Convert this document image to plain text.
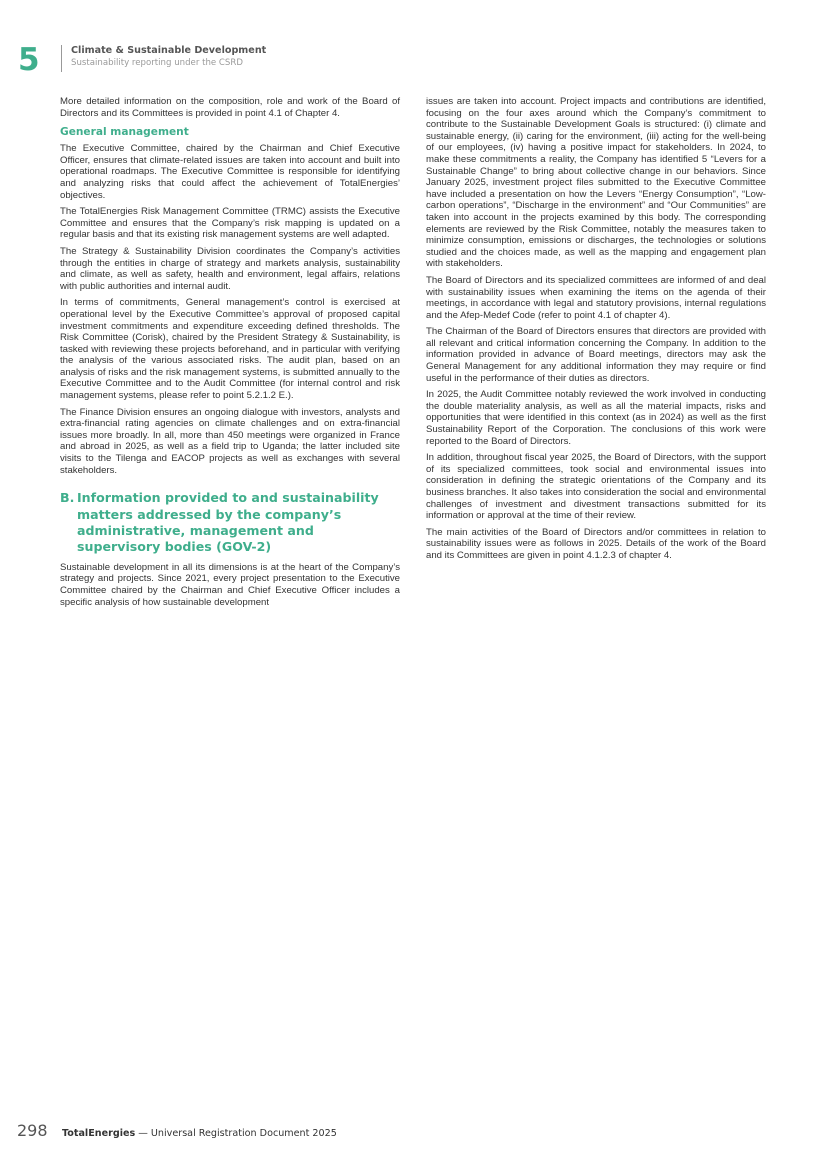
5	Climate & Sustainable Development
Sustainability reporting under the CSRD

More detailed information on the composition, role and work of the Board of Directors and its Committees is provided in point 4.1 of Chapter 4.

General management

The Executive Committee, chaired by the Chairman and Chief Executive Officer, ensures that climate-related issues are taken into account and built into operational roadmaps. The Executive Committee is responsible for identifying and analyzing risks that could affect the achievement of TotalEnergies’ objectives.

The TotalEnergies Risk Management Committee (TRMC) assists the Executive Committee and ensures that the Company’s risk mapping is updated on a regular basis and that its existing risk management systems are well adapted.

The Strategy & Sustainability Division coordinates the Company’s activities through the entities in charge of strategy and markets analysis, sustainability and climate, as well as safety, health and environment, legal affairs, relations with public authorities and internal audit.

In terms of commitments, General management’s control is exercised at operational level by the Executive Committee’s approval of proposed capital investment commitments and expenditure exceeding defined thresholds. The Risk Committee (Corisk), chaired by the President Strategy & Sustainability, is tasked with reviewing these projects beforehand, and in particular with verifying the analysis of the various associated risks. The audit plan, based on an analysis of risks and the risk management systems, is submitted annually to the Executive Committee and to the Audit Committee (for internal control and risk management systems, please refer to point 5.2.1.2 E.).

The Finance Division ensures an ongoing dialogue with investors, analysts and extra-financial rating agencies on climate challenges and on extra-financial issues more broadly. In all, more than 450 meetings were organized in France and abroad in 2025, as well as a field trip to Uganda; the latter included site visits to the Tilenga and EACOP projects as well as exchanges with several stakeholders.

B. Information provided to and sustainability matters addressed by the company’s administrative, management and supervisory bodies (GOV-2)

Sustainable development in all its dimensions is at the heart of the Company’s strategy and projects. Since 2021, every project presentation to the Executive Committee chaired by the Chairman and Chief Executive Officer includes a specific analysis of how sustainable development

issues are taken into account. Project impacts and contributions are identified, focusing on the four axes around which the Company’s commitment to contribute to the Sustainable Development Goals is structured: (i) climate and sustainable energy, (ii) caring for the environment, (iii) acting for the well-being of our employees, (iv) having a positive impact for stakeholders. In 2024, to make these commitments a reality, the Company has identified 5 “Levers for a Sustainable Change” to bring about collective change in our behaviors. Since January 2025, investment project files submitted to the Executive Committee have included a presentation on how the Levers “Energy Consumption”, “Low-carbon operations”, “Discharge in the environment” and “Our Communities” are taken into account in the projects examined by this body. The corresponding elements are reviewed by the Risk Committee, notably the measures taken to minimize consumption, emissions or discharges, the technologies or solutions studied and the choices made, as well as the mapping and engagement plan with stakeholders.

The Board of Directors and its specialized committees are informed of and deal with sustainability issues when examining the items on the agenda of their meetings, in accordance with legal and statutory provisions, internal regulations and the Afep-Medef Code (refer to point 4.1 of chapter 4).

The Chairman of the Board of Directors ensures that directors are provided with all relevant and critical information concerning the Company. In addition to the information provided in advance of Board meetings, directors may ask the General Management for any additional information they may require or find useful in the performance of their duties as directors.

In 2025, the Audit Committee notably reviewed the work involved in conducting the double materiality analysis, as well as all the material impacts, risks and opportunities that were identified in this context (as in 2024) as well as the first Sustainability Report of the Corporation. The conclusions of this work were reported to the Board of Directors.

In addition, throughout fiscal year 2025, the Board of Directors, with the support of its specialized committees, took social and environmental issues into consideration in defining the strategic orientations of the Company and its business branches. It also takes into consideration the social and environmental challenges of investment and divestment transactions submitted for its information or approval at the time of their review.

The main activities of the Board of Directors and/or committees in relation to sustainability issues were as follows in 2025. Details of the work of the Board and its Committees are given in point 4.1.2.3 of chapter 4.

298 TotalEnergies — Universal Registration Document 2025
